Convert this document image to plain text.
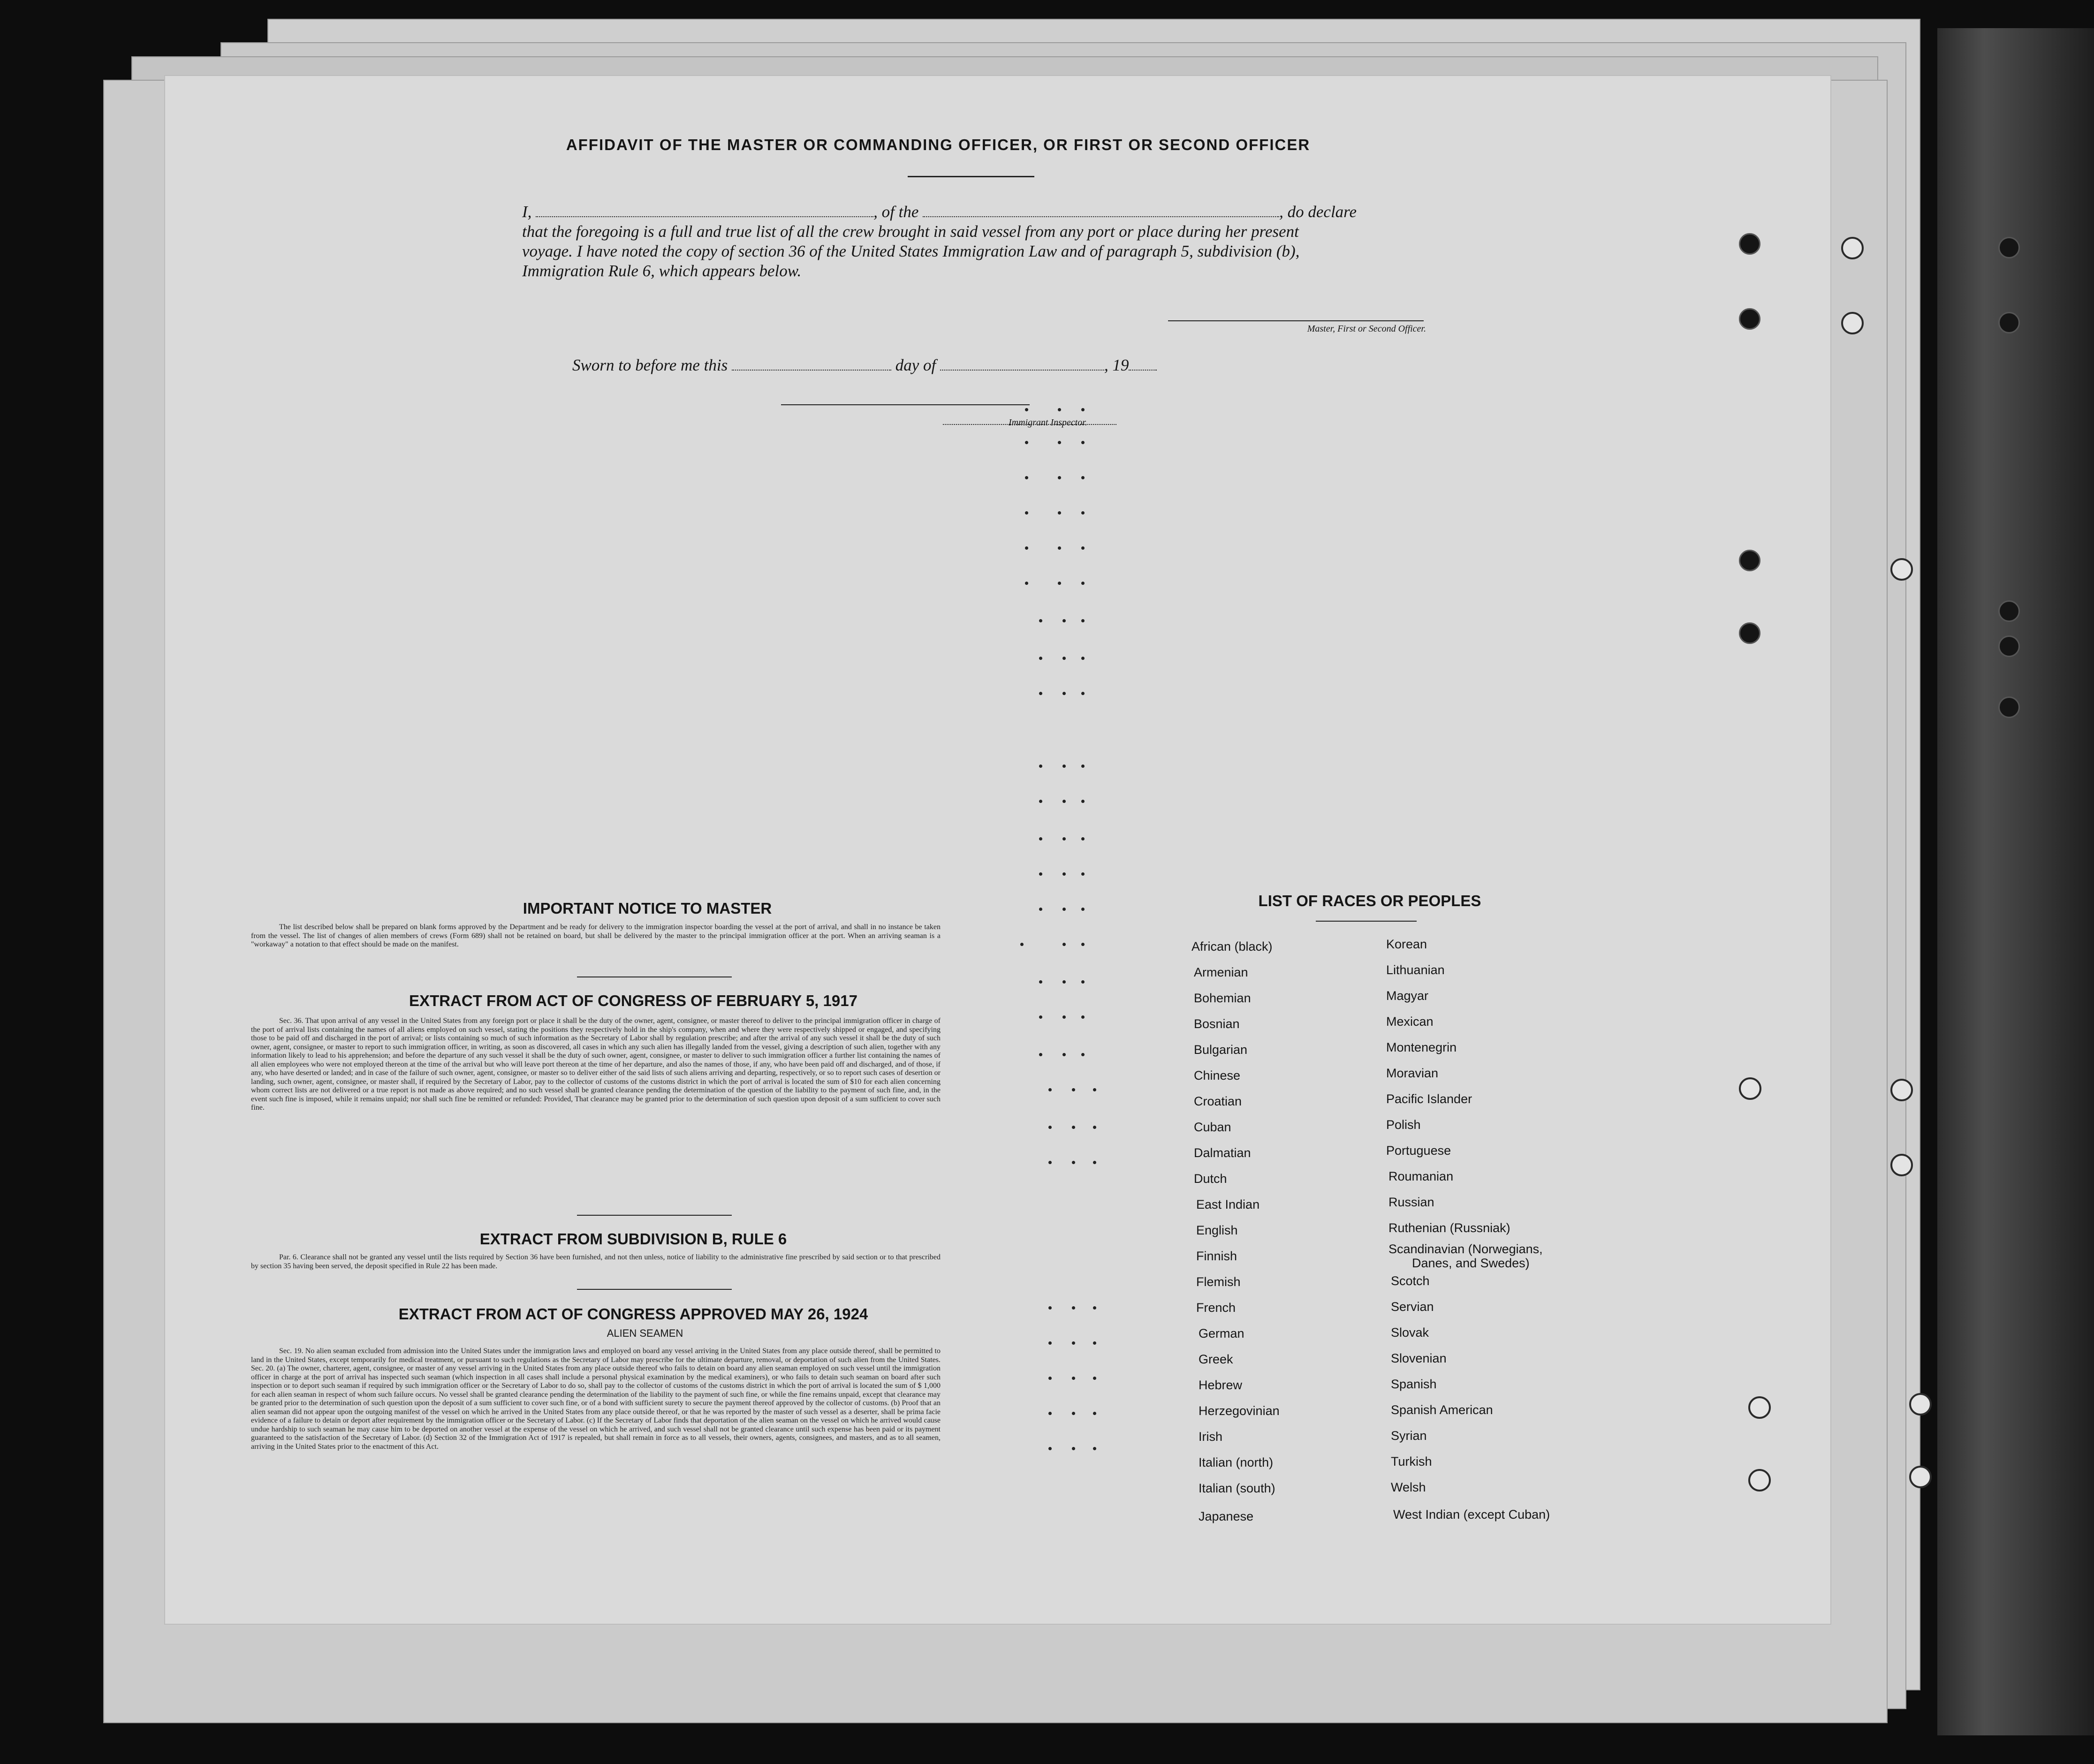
AFFIDAVIT OF THE MASTER OR COMMANDING OFFICER, OR FIRST OR SECOND OFFICER
I,	, of the	, do declare
that the foregoing is a full and true list of all the crew brought in said vessel from any port or place during her present
voyage. I have noted the copy of section 36 of the United States Immigration Law and of paragraph 5, subdivision (b),
Immigration Rule 6, which appears below.
Master, First or Second Officer.
Sworn to before me this	day of	, 19
Immigrant Inspector.
IMPORTANT NOTICE TO MASTER
The list described below shall be prepared on blank forms approved by the Department and be ready for delivery to the immigration inspector boarding the vessel at the port of arrival, and shall in no instance be taken from the vessel. The list of changes of alien members of crews (Form 689) shall not be retained on board, but shall be delivered by the master to the principal immigration officer at the port. When an arriving seaman is a "workaway" a notation to that effect should be made on the manifest.
EXTRACT FROM ACT OF CONGRESS OF FEBRUARY 5, 1917
Sec. 36. That upon arrival of any vessel in the United States from any foreign port or place it shall be the duty of the owner, agent, consignee, or master thereof to deliver to the principal immigration officer in charge of the port of arrival lists containing the names of all aliens employed on such vessel, stating the positions they respectively hold in the ship's company, when and where they were respectively shipped or engaged, and specifying those to be paid off and discharged in the port of arrival; or lists containing so much of such information as the Secretary of Labor shall by regulation prescribe; and after the arrival of any such vessel it shall be the duty of such owner, agent, consignee, or master to report to such immigration officer, in writing, as soon as discovered, all cases in which any such alien has illegally landed from the vessel, giving a description of such alien, together with any information likely to lead to his apprehension; and before the departure of any such vessel it shall be the duty of such owner, agent, consignee, or master to deliver to such immigration officer a further list containing the names of all alien employees who were not employed thereon at the time of the arrival but who will leave port thereon at the time of her departure, and also the names of those, if any, who have been paid off and discharged, and of those, if any, who have deserted or landed; and in case of the failure of such owner, agent, consignee, or master so to deliver either of the said lists of such aliens arriving and departing, respectively, or so to report such cases of desertion or landing, such owner, agent, consignee, or master shall, if required by the Secretary of Labor, pay to the collector of customs of the customs district in which the port of arrival is located the sum of $10 for each alien concerning whom correct lists are not delivered or a true report is not made as above required; and no such vessel shall be granted clearance pending the determination of the question of the liability to the payment of such fine, and, in the event such fine is imposed, while it remains unpaid; nor shall such fine be remitted or refunded: Provided, That clearance may be granted prior to the determination of such question upon deposit of a sum sufficient to cover such fine.
EXTRACT FROM SUBDIVISION B, RULE 6
Par. 6. Clearance shall not be granted any vessel until the lists required by Section 36 have been furnished, and not then unless, notice of liability to the administrative fine prescribed by said section or to that prescribed by section 35 having been served, the deposit specified in Rule 22 has been made.
EXTRACT FROM ACT OF CONGRESS APPROVED MAY 26, 1924
ALIEN SEAMEN
Sec. 19. No alien seaman excluded from admission into the United States under the immigration laws and employed on board any vessel arriving in the United States from any place outside thereof, shall be permitted to land in the United States, except temporarily for medical treatment, or pursuant to such regulations as the Secretary of Labor may prescribe for the ultimate departure, removal, or deportation of such alien from the United States. Sec. 20. (a) The owner, charterer, agent, consignee, or master of any vessel arriving in the United States from any place outside thereof who fails to detain on board any alien seaman employed on such vessel until the immigration officer in charge at the port of arrival has inspected such seaman (which inspection in all cases shall include a personal physical examination by the medical examiners), or who fails to detain such seaman on board after such inspection or to deport such seaman if required by such immigration officer or the Secretary of Labor to do so, shall pay to the collector of customs of the customs district in which the port of arrival is located the sum of $ 1,000 for each alien seaman in respect of whom such failure occurs. No vessel shall be granted clearance pending the determination of the liability to the payment of such fine, or while the fine remains unpaid, except that clearance may be granted prior to the determination of such question upon the deposit of a sum sufficient to cover such fine, or of a bond with sufficient surety to secure the payment thereof approved by the collector of customs. (b) Proof that an alien seaman did not appear upon the outgoing manifest of the vessel on which he arrived in the United States from any place outside thereof, or that he was reported by the master of such vessel as a deserter, shall be prima facie evidence of a failure to detain or deport after requirement by the immigration officer or the Secretary of Labor. (c) If the Secretary of Labor finds that deportation of the alien seaman on the vessel on which he arrived would cause undue hardship to such seaman he may cause him to be deported on another vessel at the expense of the vessel on which he arrived, and such vessel shall not be granted clearance until such expense has been paid or its payment guaranteed to the satisfaction of the Secretary of Labor. (d) Section 32 of the Immigration Act of 1917 is repealed, but shall remain in force as to all vessels, their owners, agents, consignees, and masters, and as to all seamen, arriving in the United States prior to the enactment of this Act.
LIST OF RACES OR PEOPLES
African (black)
Armenian
Bohemian
Bosnian
Bulgarian
Chinese
Croatian
Cuban
Dalmatian
Dutch
East Indian
English
Finnish
Flemish
French
German
Greek
Hebrew
Herzegovinian
Irish
Italian (north)
Italian (south)
Japanese
Korean
Lithuanian
Magyar
Mexican
Montenegrin
Moravian
Pacific Islander
Polish
Portuguese
Roumanian
Russian
Ruthenian (Russniak)
Scandinavian (Norwegians,
Danes, and Swedes)
Scotch
Servian
Slovak
Slovenian
Spanish
Spanish American
Syrian
Turkish
Welsh
West Indian (except Cuban)
